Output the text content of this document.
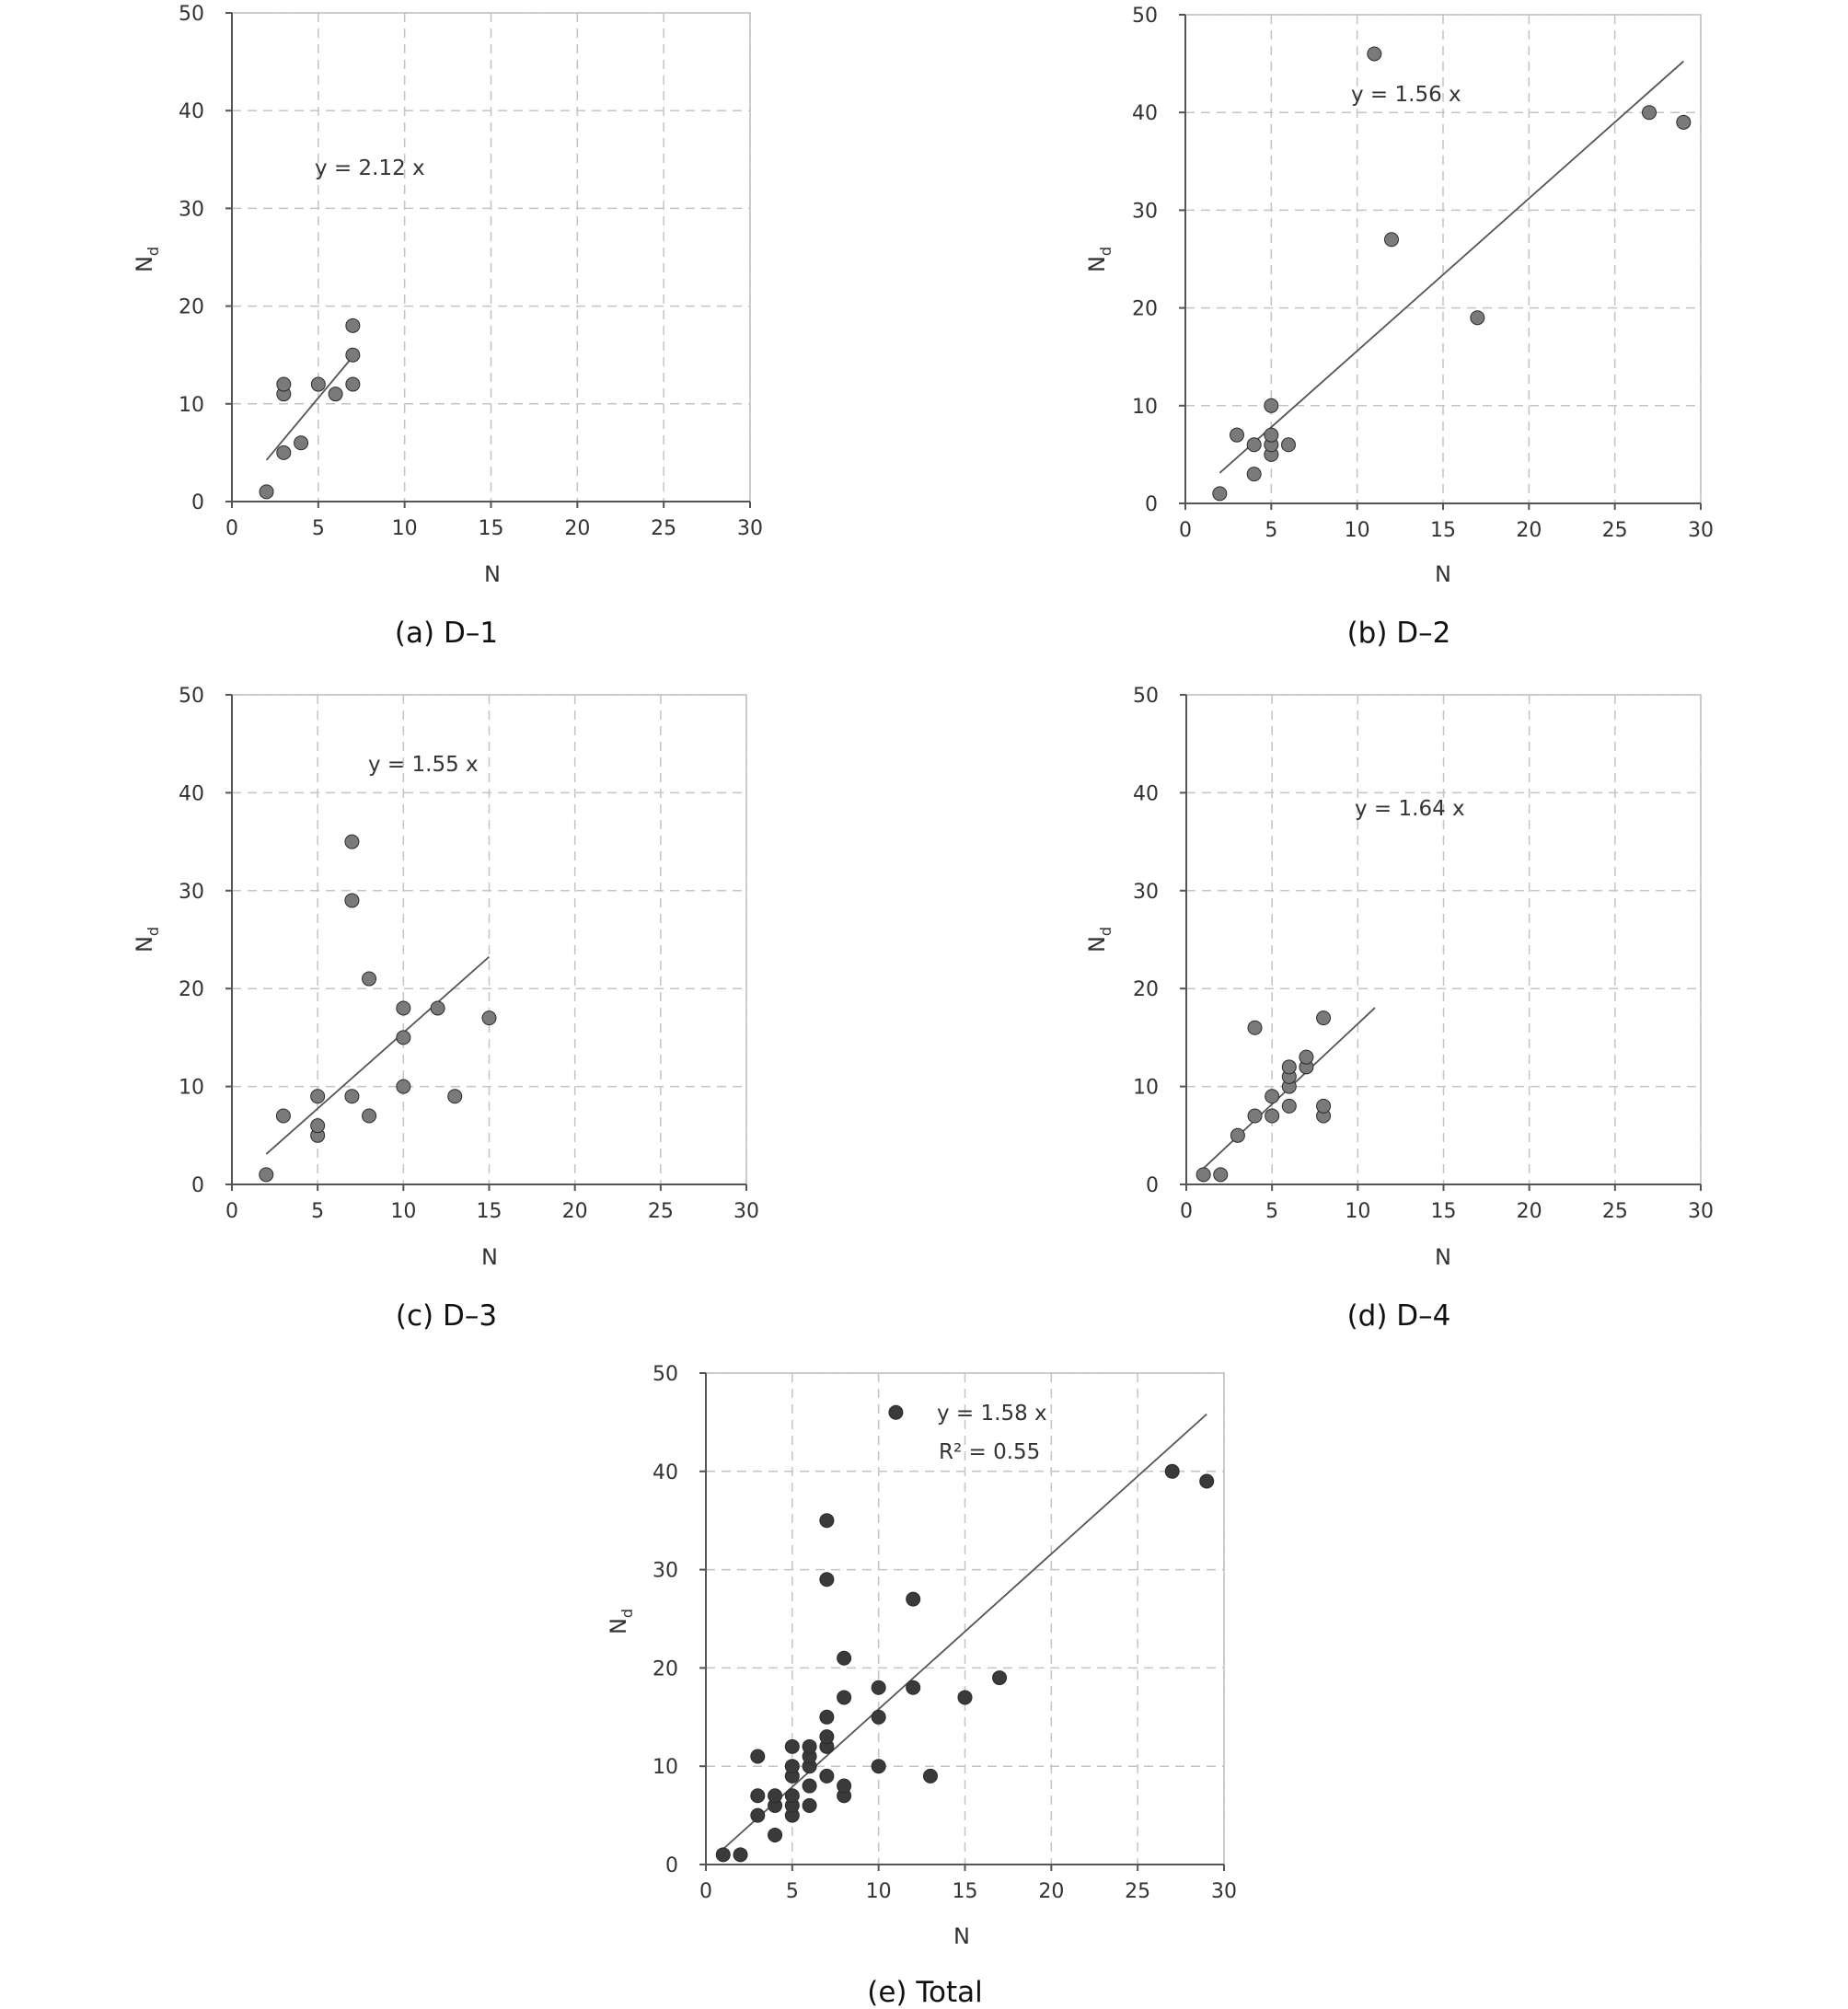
0	5	10	15	20	25	30
0
10
20
30
40
50
y = 2.12 x
N
$N_d$
(a) D–1
0	5	10	15	20	25	30
0
10
20
30
40
50
y = 1.56 x
N
$N_d$
(b) D–2
0	5	10	15	20	25	30
0
10
20
30
40
50
y = 1.55 x
N
$N_d$
(c) D–3
0	5	10	15	20	25	30
0
10
20
30
40
50
y = 1.64 x
N
$N_d$
(d) D–4
0	5	10	15	20	25	30
0
10
20
30
40
50
y = 1.58 x
R² = 0.55
N
$N_d$
(e) Total
